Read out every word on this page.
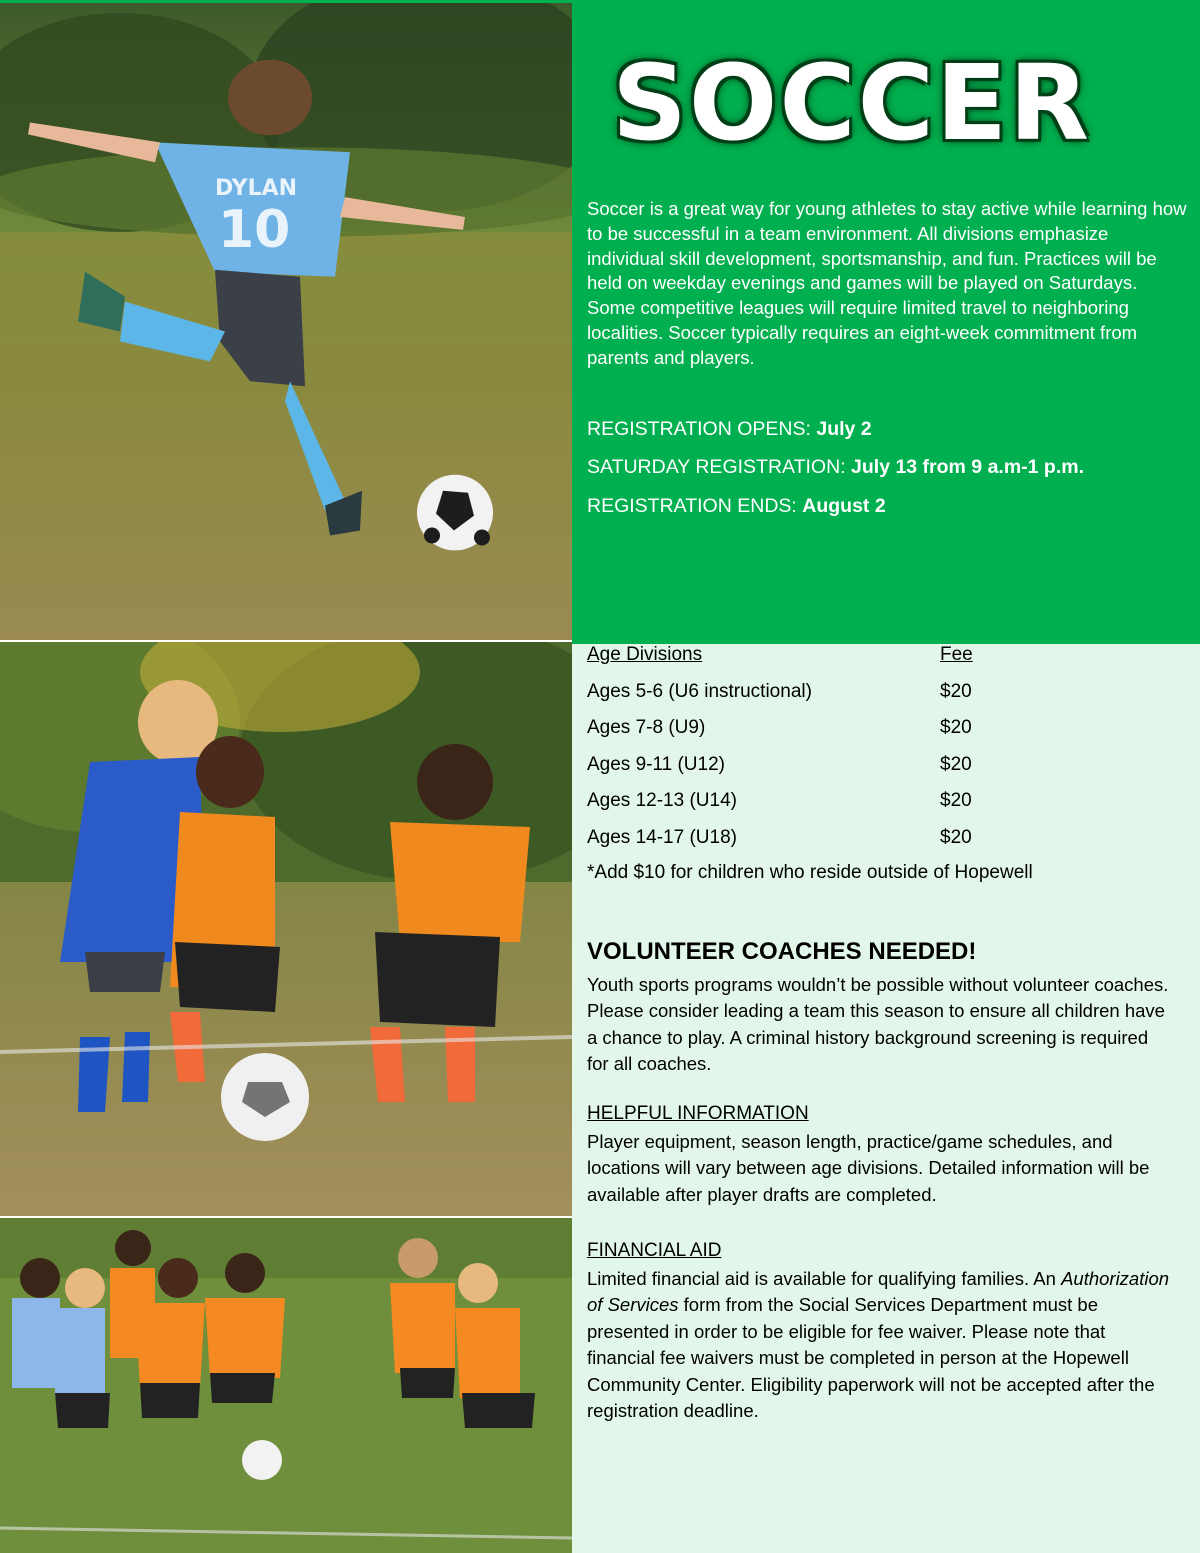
DYLAN
10
SOCCER

Soccer is a great way for young athletes to stay active while learning how to be successful in a team environment. All divisions emphasize individual skill development, sportsmanship, and fun. Practices will be held on weekday evenings and games will be played on Saturdays. Some competitive leagues will require limited travel to neighboring localities. Soccer typically requires an eight-week commitment from parents and players.

REGISTRATION OPENS: July 2
SATURDAY REGISTRATION: July 13 from 9 a.m-1 p.m.
REGISTRATION ENDS: August 2
Age Divisions	Fee
Ages 5-6 (U6 instructional)	$20
Ages 7-8 (U9)	$20
Ages 9-11 (U12)	$20
Ages 12-13 (U14)	$20
Ages 14-17 (U18)	$20
*Add $10 for children who reside outside of Hopewell
VOLUNTEER COACHES NEEDED!

Youth sports programs wouldn’t be possible without volunteer coaches. Please consider leading a team this season to ensure all children have a chance to play. A criminal history background screening is required for all coaches.

HELPFUL INFORMATION

Player equipment, season length, practice/game schedules, and locations will vary between age divisions. Detailed information will be available after player drafts are completed.

FINANCIAL AID

Limited financial aid is available for qualifying families. An Authorization of Services form from the Social Services Department must be presented in order to be eligible for fee waiver. Please note that financial fee waivers must be completed in person at the Hopewell Community Center. Eligibility paperwork will not be accepted after the registration deadline.
